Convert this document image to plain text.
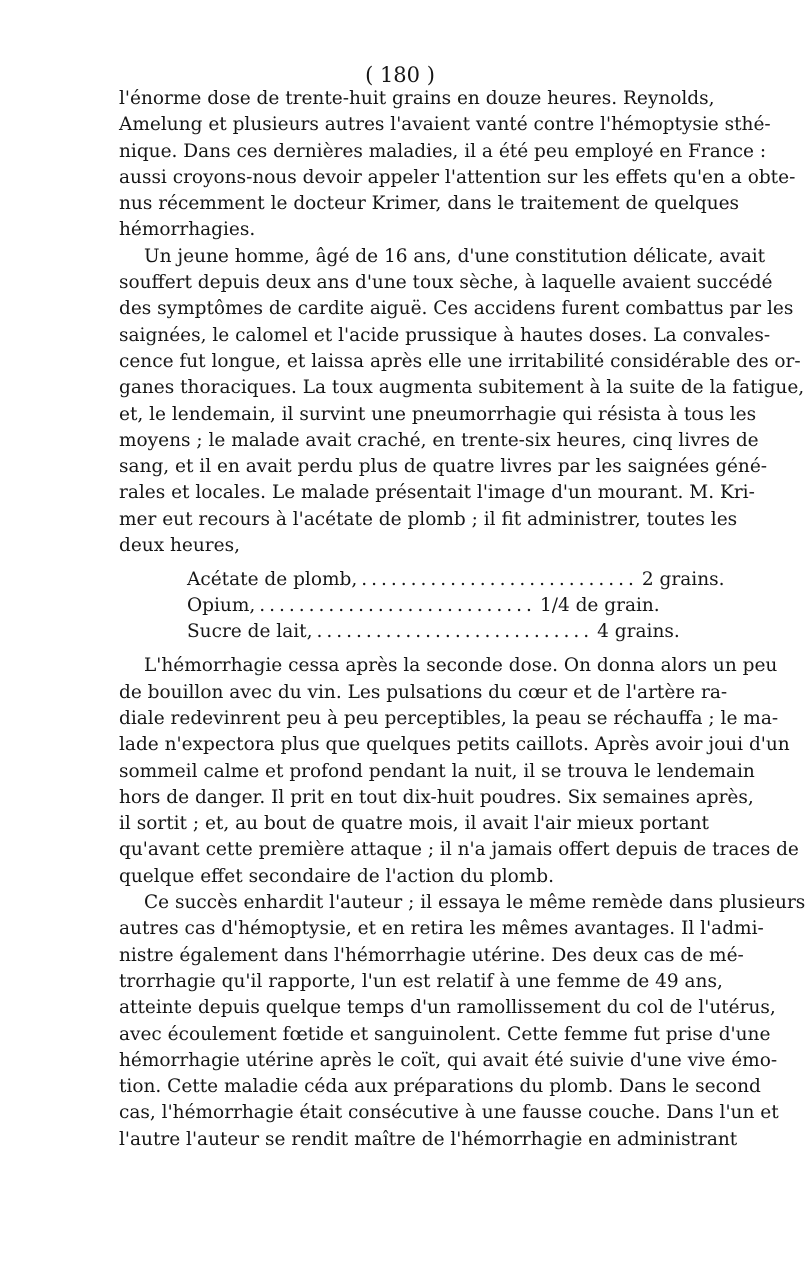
( 180 )
l'énorme dose de trente-huit grains en douze heures. Reynolds,
Amelung et plusieurs autres l'avaient vanté contre l'hémoptysie sthé-
nique. Dans ces dernières maladies, il a été peu employé en France :
aussi croyons-nous devoir appeler l'attention sur les effets qu'en a obte-
nus récemment le docteur Krimer, dans le traitement de quelques
hémorrhagies.
Un jeune homme, âgé de 16 ans, d'une constitution délicate, avait
souffert depuis deux ans d'une toux sèche, à laquelle avaient succédé
des symptômes de cardite aiguë. Ces accidens furent combattus par les
saignées, le calomel et l'acide prussique à hautes doses. La convales-
cence fut longue, et laissa après elle une irritabilité considérable des or-
ganes thoraciques. La toux augmenta subitement à la suite de la fatigue,
et, le lendemain, il survint une pneumorrhagie qui résista à tous les
moyens ; le malade avait craché, en trente-six heures, cinq livres de
sang, et il en avait perdu plus de quatre livres par les saignées géné-
rales et locales. Le malade présentait l'image d'un mourant. M. Kri-
mer eut recours à l'acétate de plomb ; il fit administrer, toutes les
deux heures,
Acétate de plomb, ............................ 2 grains.
Opium, ............................ 1/4 de grain.
Sucre de lait, ............................ 4 grains.
L'hémorrhagie cessa après la seconde dose. On donna alors un peu
de bouillon avec du vin. Les pulsations du cœur et de l'artère ra-
diale redevinrent peu à peu perceptibles, la peau se réchauffa ; le ma-
lade n'expectora plus que quelques petits caillots. Après avoir joui d'un
sommeil calme et profond pendant la nuit, il se trouva le lendemain
hors de danger. Il prit en tout dix-huit poudres. Six semaines après,
il sortit ; et, au bout de quatre mois, il avait l'air mieux portant
qu'avant cette première attaque ; il n'a jamais offert depuis de traces de
quelque effet secondaire de l'action du plomb.
Ce succès enhardit l'auteur ; il essaya le même remède dans plusieurs
autres cas d'hémoptysie, et en retira les mêmes avantages. Il l'admi-
nistre également dans l'hémorrhagie utérine. Des deux cas de mé-
trorrhagie qu'il rapporte, l'un est relatif à une femme de 49 ans,
atteinte depuis quelque temps d'un ramollissement du col de l'utérus,
avec écoulement fœtide et sanguinolent. Cette femme fut prise d'une
hémorrhagie utérine après le coït, qui avait été suivie d'une vive émo-
tion. Cette maladie céda aux préparations du plomb. Dans le second
cas, l'hémorrhagie était consécutive à une fausse couche. Dans l'un et
l'autre l'auteur se rendit maître de l'hémorrhagie en administrant
